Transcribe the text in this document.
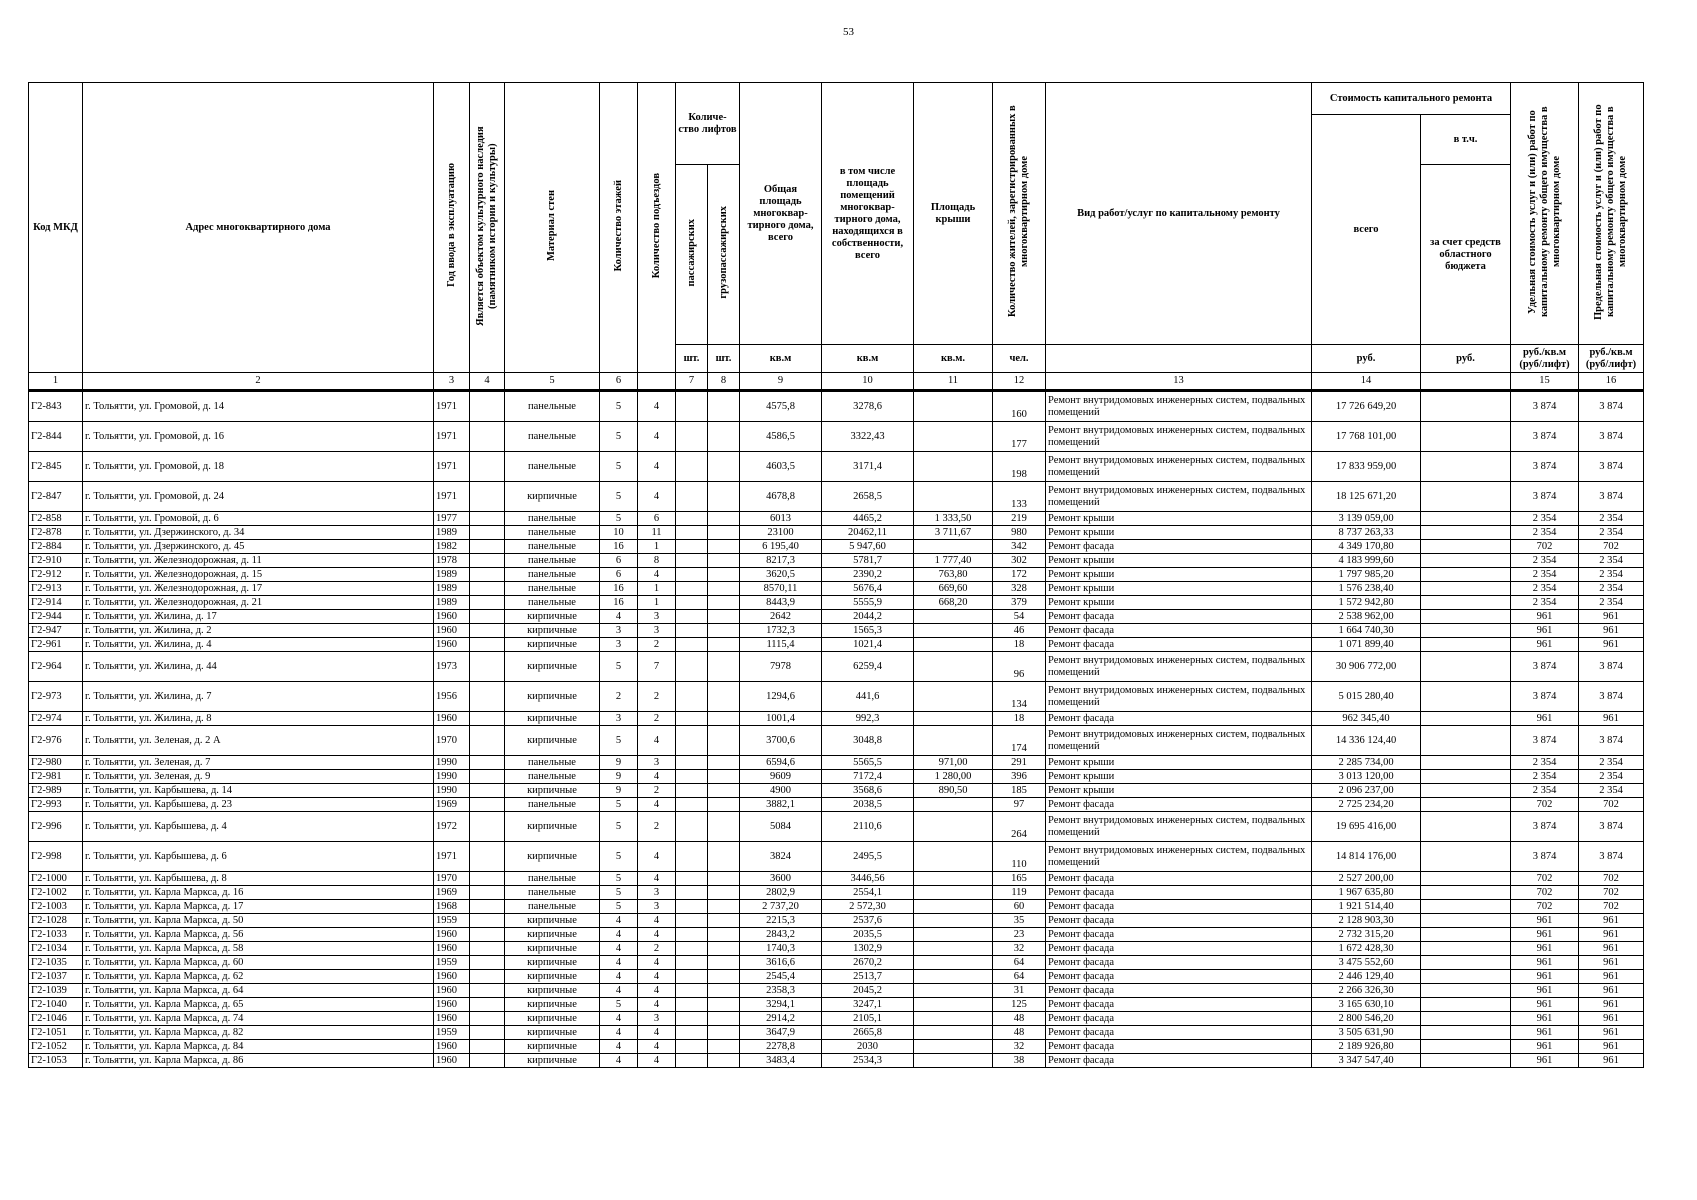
53
Код МКД	Адрес многоквартирного дома	Год ввода в эксплуатацию	Является объектом культурного наследия (памятником истории и культуры)	Материал стен	Количество этажей	Количество подъездов	Количе- ство лифтов		Общая площадь многоквар- тирного дома, всего	в том числе площадь помещений многоквар- тирного дома, находящихся в собственности, всего	Площадь крыши	Количество жителей, зарегистрированных в многоквартирном доме	Вид работ/услуг по капитальному ремонту	Стоимость капитального ремонта		Удельная стоимость услуг и (или) работ по капитальному ремонту общего имущества в многоквартирном доме	Предельная стоимость услуг и (или) работ по капитальному ремонту общего имущества в многоквартирном доме
														всего	в т.ч.		
							пассажирских	грузопассажирских							за счет средств областного бюджета		
							шт.	шт.	кв.м	кв.м	кв.м.	чел.		руб.	руб.	руб./кв.м (руб/лифт)	руб./кв.м (руб/лифт)
1	2	3	4	5	6		7	8	9	10	11	12	13	14		15	16
Г2-843	г. Тольятти, ул. Громовой, д. 14	1971		панельные	5	4			4575,8	3278,6		160	Ремонт внутридомовых инженерных систем, подвальных помещений	17 726 649,20		3 874	3 874
Г2-844	г. Тольятти, ул. Громовой, д. 16	1971		панельные	5	4			4586,5	3322,43		177	Ремонт внутридомовых инженерных систем, подвальных помещений	17 768 101,00		3 874	3 874
Г2-845	г. Тольятти, ул. Громовой, д. 18	1971		панельные	5	4			4603,5	3171,4		198	Ремонт внутридомовых инженерных систем, подвальных помещений	17 833 959,00		3 874	3 874
Г2-847	г. Тольятти, ул. Громовой, д. 24	1971		кирпичные	5	4			4678,8	2658,5		133	Ремонт внутридомовых инженерных систем, подвальных помещений	18 125 671,20		3 874	3 874
Г2-858	г. Тольятти, ул. Громовой, д. 6	1977		панельные	5	6			6013	4465,2	1 333,50	219	Ремонт крыши	3 139 059,00		2 354	2 354
Г2-878	г. Тольятти, ул. Дзержинского, д. 34	1989		панельные	10	11			23100	20462,11	3 711,67	980	Ремонт крыши	8 737 263,33		2 354	2 354
Г2-884	г. Тольятти, ул. Дзержинского, д. 45	1982		панельные	16	1			6 195,40	5 947,60		342	Ремонт фасада	4 349 170,80		702	702
Г2-910	г. Тольятти, ул. Железнодорожная, д. 11	1978		панельные	6	8			8217,3	5781,7	1 777,40	302	Ремонт крыши	4 183 999,60		2 354	2 354
Г2-912	г. Тольятти, ул. Железнодорожная, д. 15	1989		панельные	6	4			3620,5	2390,2	763,80	172	Ремонт крыши	1 797 985,20		2 354	2 354
Г2-913	г. Тольятти, ул. Железнодорожная, д. 17	1989		панельные	16	1			8570,11	5676,4	669,60	328	Ремонт крыши	1 576 238,40		2 354	2 354
Г2-914	г. Тольятти, ул. Железнодорожная, д. 21	1989		панельные	16	1			8443,9	5555,9	668,20	379	Ремонт крыши	1 572 942,80		2 354	2 354
Г2-944	г. Тольятти, ул. Жилина, д. 17	1960		кирпичные	4	3			2642	2044,2		54	Ремонт фасада	2 538 962,00		961	961
Г2-947	г. Тольятти, ул. Жилина, д. 2	1960		кирпичные	3	3			1732,3	1565,3		46	Ремонт фасада	1 664 740,30		961	961
Г2-961	г. Тольятти, ул. Жилина, д. 4	1960		кирпичные	3	2			1115,4	1021,4		18	Ремонт фасада	1 071 899,40		961	961
Г2-964	г. Тольятти, ул. Жилина, д. 44	1973		кирпичные	5	7			7978	6259,4		96	Ремонт внутридомовых инженерных систем, подвальных помещений	30 906 772,00		3 874	3 874
Г2-973	г. Тольятти, ул. Жилина, д. 7	1956		кирпичные	2	2			1294,6	441,6		134	Ремонт внутридомовых инженерных систем, подвальных помещений	5 015 280,40		3 874	3 874
Г2-974	г. Тольятти, ул. Жилина, д. 8	1960		кирпичные	3	2			1001,4	992,3		18	Ремонт фасада	962 345,40		961	961
Г2-976	г. Тольятти, ул. Зеленая, д. 2 А	1970		кирпичные	5	4			3700,6	3048,8		174	Ремонт внутридомовых инженерных систем, подвальных помещений	14 336 124,40		3 874	3 874
Г2-980	г. Тольятти, ул. Зеленая, д. 7	1990		панельные	9	3			6594,6	5565,5	971,00	291	Ремонт крыши	2 285 734,00		2 354	2 354
Г2-981	г. Тольятти, ул. Зеленая, д. 9	1990		панельные	9	4			9609	7172,4	1 280,00	396	Ремонт крыши	3 013 120,00		2 354	2 354
Г2-989	г. Тольятти, ул. Карбышева, д. 14	1990		кирпичные	9	2			4900	3568,6	890,50	185	Ремонт крыши	2 096 237,00		2 354	2 354
Г2-993	г. Тольятти, ул. Карбышева, д. 23	1969		панельные	5	4			3882,1	2038,5		97	Ремонт фасада	2 725 234,20		702	702
Г2-996	г. Тольятти, ул. Карбышева, д. 4	1972		кирпичные	5	2			5084	2110,6		264	Ремонт внутридомовых инженерных систем, подвальных помещений	19 695 416,00		3 874	3 874
Г2-998	г. Тольятти, ул. Карбышева, д. 6	1971		кирпичные	5	4			3824	2495,5		110	Ремонт внутридомовых инженерных систем, подвальных помещений	14 814 176,00		3 874	3 874
Г2-1000	г. Тольятти, ул. Карбышева, д. 8	1970		панельные	5	4			3600	3446,56		165	Ремонт фасада	2 527 200,00		702	702
Г2-1002	г. Тольятти, ул. Карла Маркса, д. 16	1969		панельные	5	3			2802,9	2554,1		119	Ремонт фасада	1 967 635,80		702	702
Г2-1003	г. Тольятти, ул. Карла Маркса, д. 17	1968		панельные	5	3			2 737,20	2 572,30		60	Ремонт фасада	1 921 514,40		702	702
Г2-1028	г. Тольятти, ул. Карла Маркса, д. 50	1959		кирпичные	4	4			2215,3	2537,6		35	Ремонт фасада	2 128 903,30		961	961
Г2-1033	г. Тольятти, ул. Карла Маркса, д. 56	1960		кирпичные	4	4			2843,2	2035,5		23	Ремонт фасада	2 732 315,20		961	961
Г2-1034	г. Тольятти, ул. Карла Маркса, д. 58	1960		кирпичные	4	2			1740,3	1302,9		32	Ремонт фасада	1 672 428,30		961	961
Г2-1035	г. Тольятти, ул. Карла Маркса, д. 60	1959		кирпичные	4	4			3616,6	2670,2		64	Ремонт фасада	3 475 552,60		961	961
Г2-1037	г. Тольятти, ул. Карла Маркса, д. 62	1960		кирпичные	4	4			2545,4	2513,7		64	Ремонт фасада	2 446 129,40		961	961
Г2-1039	г. Тольятти, ул. Карла Маркса, д. 64	1960		кирпичные	4	4			2358,3	2045,2		31	Ремонт фасада	2 266 326,30		961	961
Г2-1040	г. Тольятти, ул. Карла Маркса, д. 65	1960		кирпичные	5	4			3294,1	3247,1		125	Ремонт фасада	3 165 630,10		961	961
Г2-1046	г. Тольятти, ул. Карла Маркса, д. 74	1960		кирпичные	4	3			2914,2	2105,1		48	Ремонт фасада	2 800 546,20		961	961
Г2-1051	г. Тольятти, ул. Карла Маркса, д. 82	1959		кирпичные	4	4			3647,9	2665,8		48	Ремонт фасада	3 505 631,90		961	961
Г2-1052	г. Тольятти, ул. Карла Маркса, д. 84	1960		кирпичные	4	4			2278,8	2030		32	Ремонт фасада	2 189 926,80		961	961
Г2-1053	г. Тольятти, ул. Карла Маркса, д. 86	1960		кирпичные	4	4			3483,4	2534,3		38	Ремонт фасада	3 347 547,40		961	961
